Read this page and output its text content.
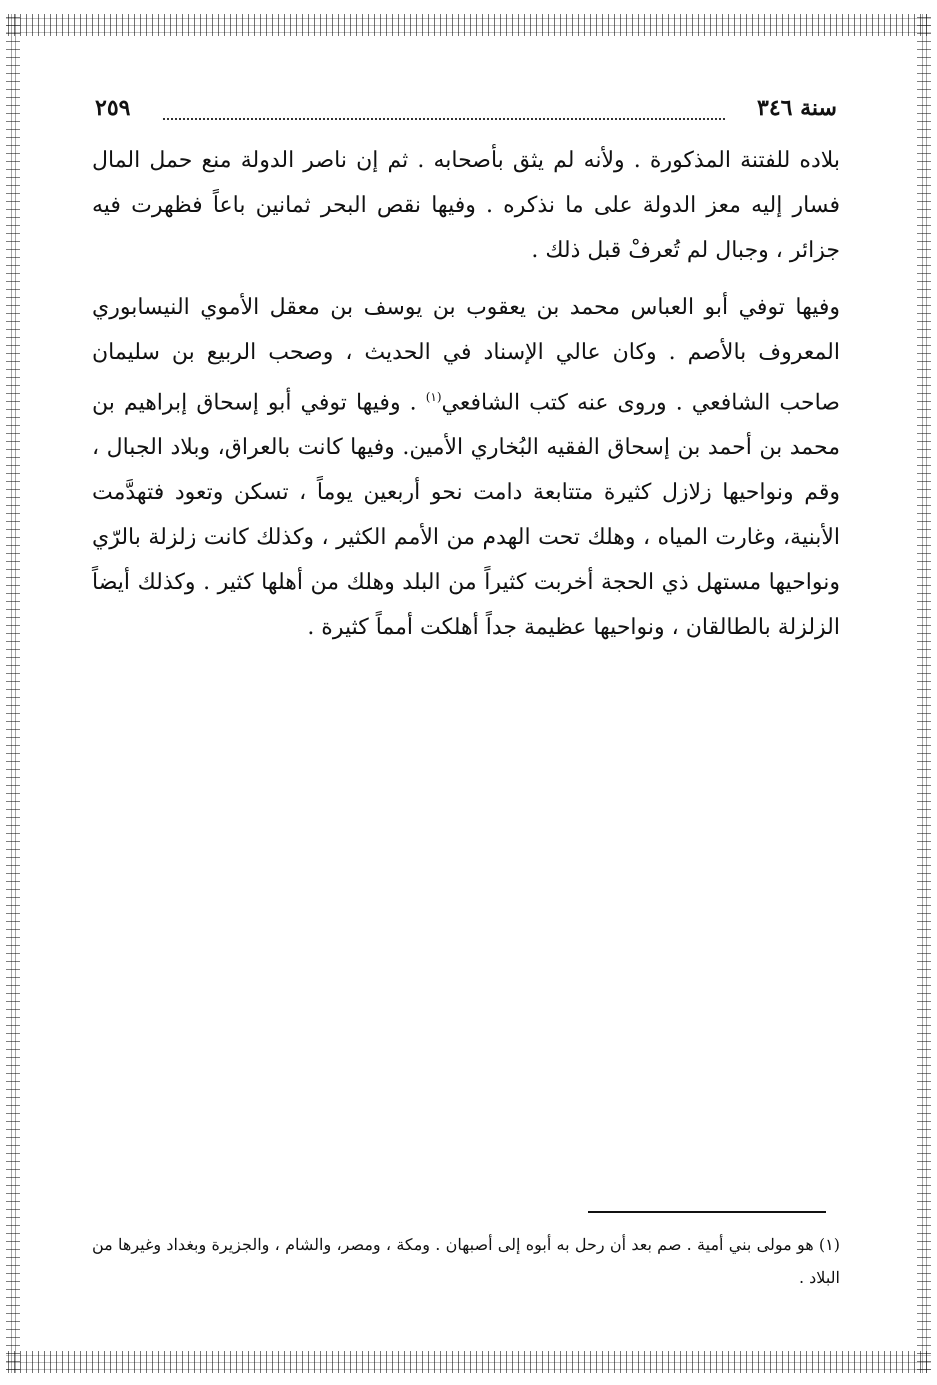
سنة ٣٤٦
٢٥٩

بلاده للفتنة المذكورة . ولأنه لم يثق بأصحابه . ثم إن ناصر الدولة منع حمل المال فسار إليه معز الدولة على ما نذكره . وفيها نقص البحر ثمانين باعاً فظهرت فيه جزائر ، وجبال لم تُعرفْ قبل ذلك .

وفيها توفي أبو العباس محمد بن يعقوب بن يوسف بن معقل الأموي النيسابوري المعروف بالأصم . وكان عالي الإسناد في الحديث ، وصحب الربيع بن سليمان صاحب الشافعي . وروى عنه كتب الشافعي$^{(١)}$ . وفيها توفي أبو إسحاق إبراهيم بن محمد بن أحمد بن إسحاق الفقيه البُخاري الأمين. وفيها كانت بالعراق، وبلاد الجبال ، وقم ونواحيها زلازل كثيرة متتابعة دامت نحو أربعين يوماً ، تسكن وتعود فتهدَّمت الأبنية، وغارت المياه ، وهلك تحت الهدم من الأمم الكثير ، وكذلك كانت زلزلة بالرّي ونواحيها مستهل ذي الحجة أخربت كثيراً من البلد وهلك من أهلها كثير . وكذلك أيضاً الزلزلة بالطالقان ، ونواحيها عظيمة جداً أهلكت أمماً كثيرة .

(١) هو مولى بني أمية . صم بعد أن رحل به أبوه إلى أصبهان . ومكة ، ومصر، والشام ، والجزيرة وبغداد وغيرها من البلاد .
